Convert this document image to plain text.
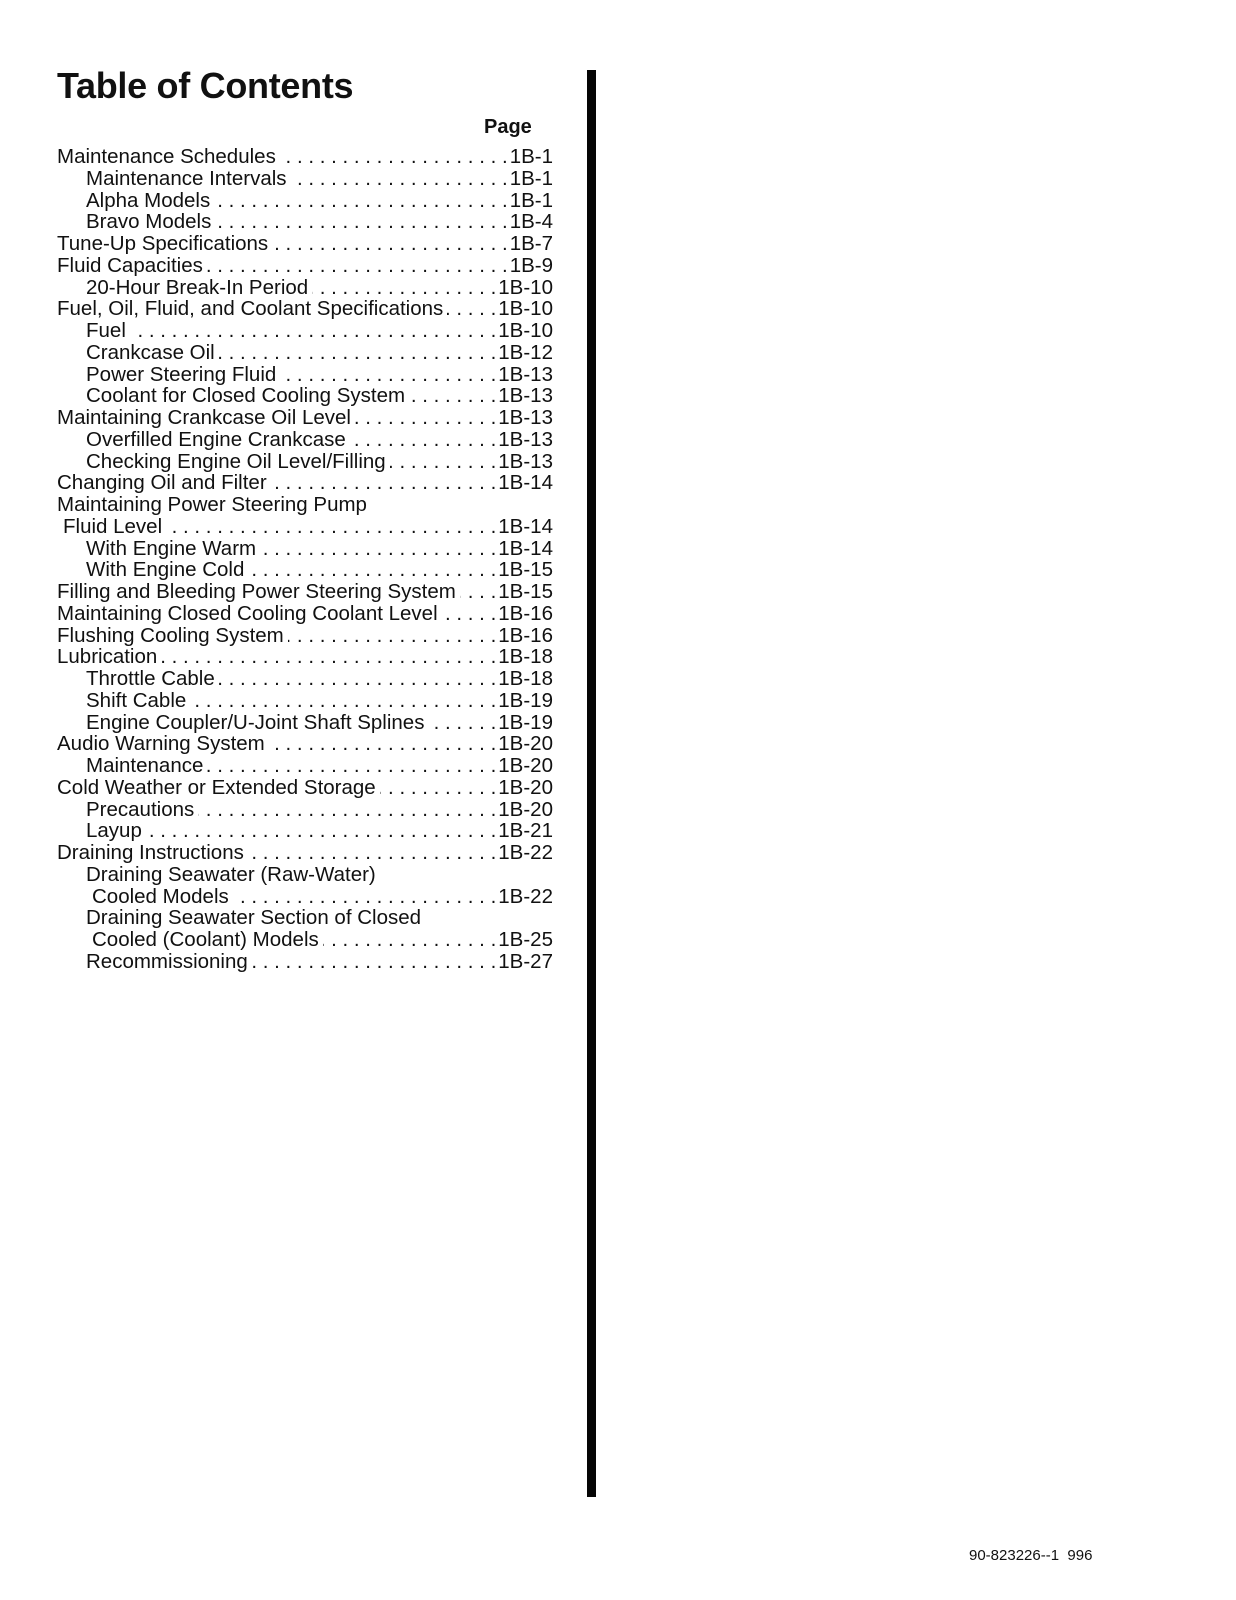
Table of Contents
Page
Maintenance Schedules . . .	1B-1
Maintenance Intervals . . .	1B-1
Alpha Models . . .	1B-1
Bravo Models . . .	1B-4
Tune-Up Specifications . . .	1B-7
Fluid Capacities . . .	1B-9
20-Hour Break-In Period . . .	1B-10
Fuel, Oil, Fluid, and Coolant Specifications . . .	1B-10
Fuel . . .	1B-10
Crankcase Oil . . .	1B-12
Power Steering Fluid . . .	1B-13
Coolant for Closed Cooling System . . .	1B-13
Maintaining Crankcase Oil Level . . .	1B-13
Overfilled Engine Crankcase . . .	1B-13
Checking Engine Oil Level/Filling . . .	1B-13
Changing Oil and Filter . . .	1B-14
Maintaining Power Steering Pump
Fluid Level . . .	1B-14
With Engine Warm . . .	1B-14
With Engine Cold . . .	1B-15
Filling and Bleeding Power Steering System . . . 1B-15
Maintaining Closed Cooling Coolant Level . . .	1B-16
Flushing Cooling System . . .	1B-16
Lubrication . . .	1B-18
Throttle Cable . . .	1B-18
Shift Cable . . .	1B-19
Engine Coupler/U-Joint Shaft Splines . . .	1B-19
Audio Warning System . . .	1B-20
Maintenance . . .	1B-20
Cold Weather or Extended Storage . . .	1B-20
Precautions . . .	1B-20
Layup . . .	1B-21
Draining Instructions . . .	1B-22
Draining Seawater (Raw-Water)
Cooled Models . . .	1B-22
Draining Seawater Section of Closed
Cooled (Coolant) Models . . .	1B-25
Recommissioning . . .	1B-27
90-823226--1  996
